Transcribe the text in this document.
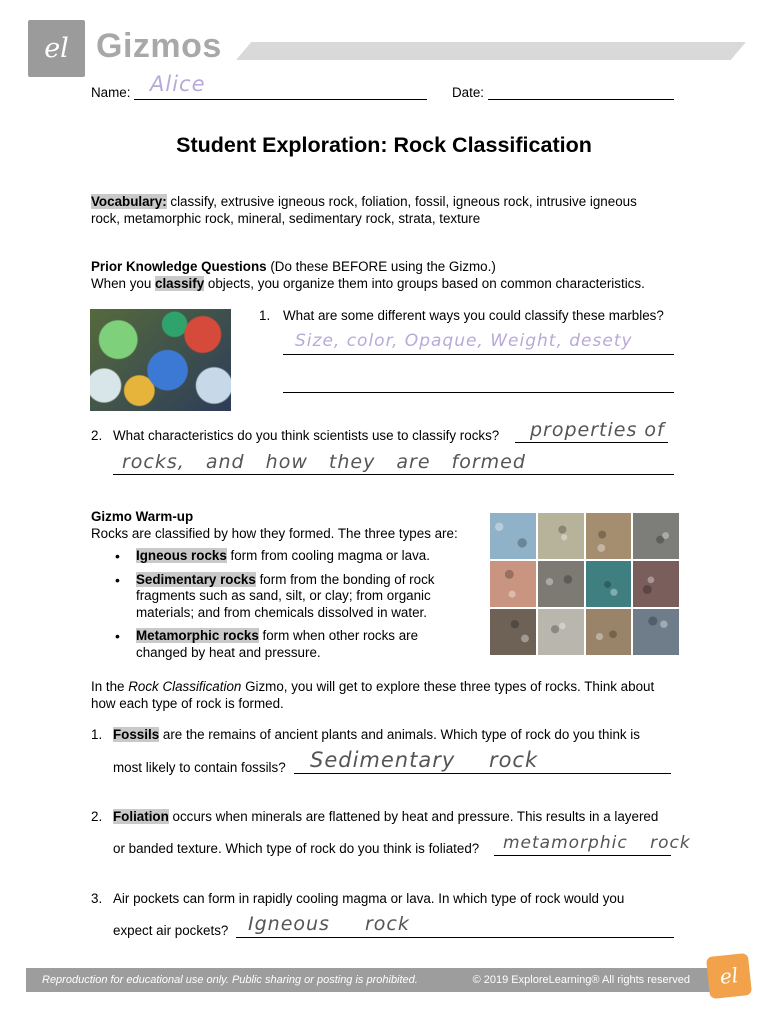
el Gizmos
Name: Alice	Date:
Student Exploration: Rock Classification

Vocabulary: classify, extrusive igneous rock, foliation, fossil, igneous rock, intrusive igneous

rock, metamorphic rock, mineral, sedimentary rock, strata, texture

Prior Knowledge Questions (Do these BEFORE using the Gizmo.)

When you classify objects, you organize them into groups based on common characteristics.

1. What are some different ways you could classify these marbles?
Size, color, Opaque, Weight, desety
2. What characteristics do you think scientists use to classify rocks? properties of
rocks, and how they are formed

Gizmo Warm-up

Rocks are classified by how they formed. The three types are:

• Igneous rocks form from cooling magma or lava.
• Sedimentary rocks form from the bonding of rock
fragments such as sand, silt, or clay; from organic
materials; and from chemicals dissolved in water.
• Metamorphic rocks form when other rocks are
changed by heat and pressure.

In the Rock Classification Gizmo, you will get to explore these three types of rocks. Think about

how each type of rock is formed.

1. Fossils are the remains of ancient plants and animals. Which type of rock do you think is
most likely to contain fossils? Sedimentary rock
2. Foliation occurs when minerals are flattened by heat and pressure. This results in a layered
or banded texture. Which type of rock do you think is foliated? metamorphic rock
3. Air pockets can form in rapidly cooling magma or lava. In which type of rock would you
expect air pockets? Igneous rock
Reproduction for educational use only. Public sharing or posting is prohibited.	© 2019 ExploreLearning® All rights reserved	el
